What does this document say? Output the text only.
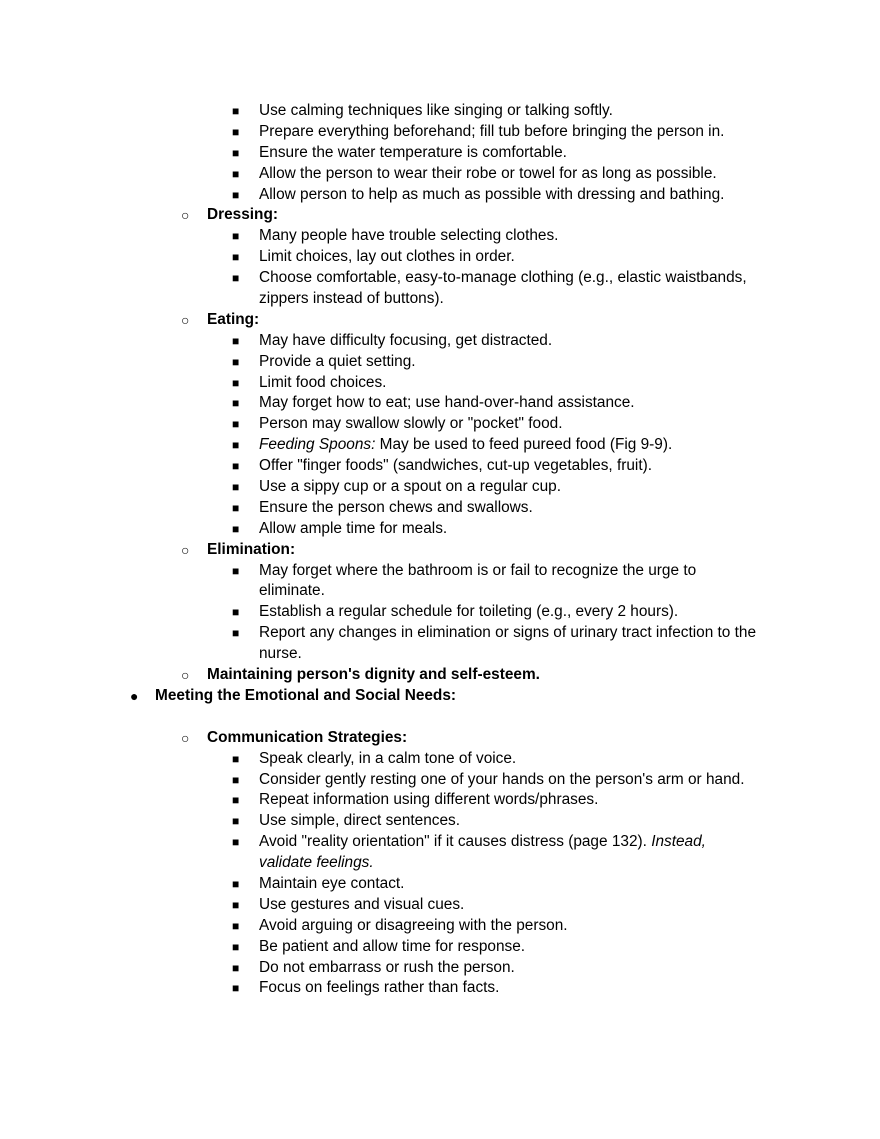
■ Use calming techniques like singing or talking softly.
■ Prepare everything beforehand; fill tub before bringing the person in.
■ Ensure the water temperature is comfortable.
■ Allow the person to wear their robe or towel for as long as possible.
■ Allow person to help as much as possible with dressing and bathing.
○ Dressing:
■ Many people have trouble selecting clothes.
■ Limit choices, lay out clothes in order.
■ Choose comfortable, easy-to-manage clothing (e.g., elastic waistbands,
zippers instead of buttons).
○ Eating:
■ May have difficulty focusing, get distracted.
■ Provide a quiet setting.
■ Limit food choices.
■ May forget how to eat; use hand-over-hand assistance.
■ Person may swallow slowly or "pocket" food.
■ Feeding Spoons: May be used to feed pureed food (Fig 9-9).
■ Offer "finger foods" (sandwiches, cut-up vegetables, fruit).
■ Use a sippy cup or a spout on a regular cup.
■ Ensure the person chews and swallows.
■ Allow ample time for meals.
○ Elimination:
■ May forget where the bathroom is or fail to recognize the urge to
eliminate.
■ Establish a regular schedule for toileting (e.g., every 2 hours).
■ Report any changes in elimination or signs of urinary tract infection to the
nurse.
○ Maintaining person's dignity and self-esteem.
● Meeting the Emotional and Social Needs:
○ Communication Strategies:
■ Speak clearly, in a calm tone of voice.
■ Consider gently resting one of your hands on the person's arm or hand.
■ Repeat information using different words/phrases.
■ Use simple, direct sentences.
■ Avoid "reality orientation" if it causes distress (page 132). Instead,
validate feelings.
■ Maintain eye contact.
■ Use gestures and visual cues.
■ Avoid arguing or disagreeing with the person.
■ Be patient and allow time for response.
■ Do not embarrass or rush the person.
■ Focus on feelings rather than facts.
